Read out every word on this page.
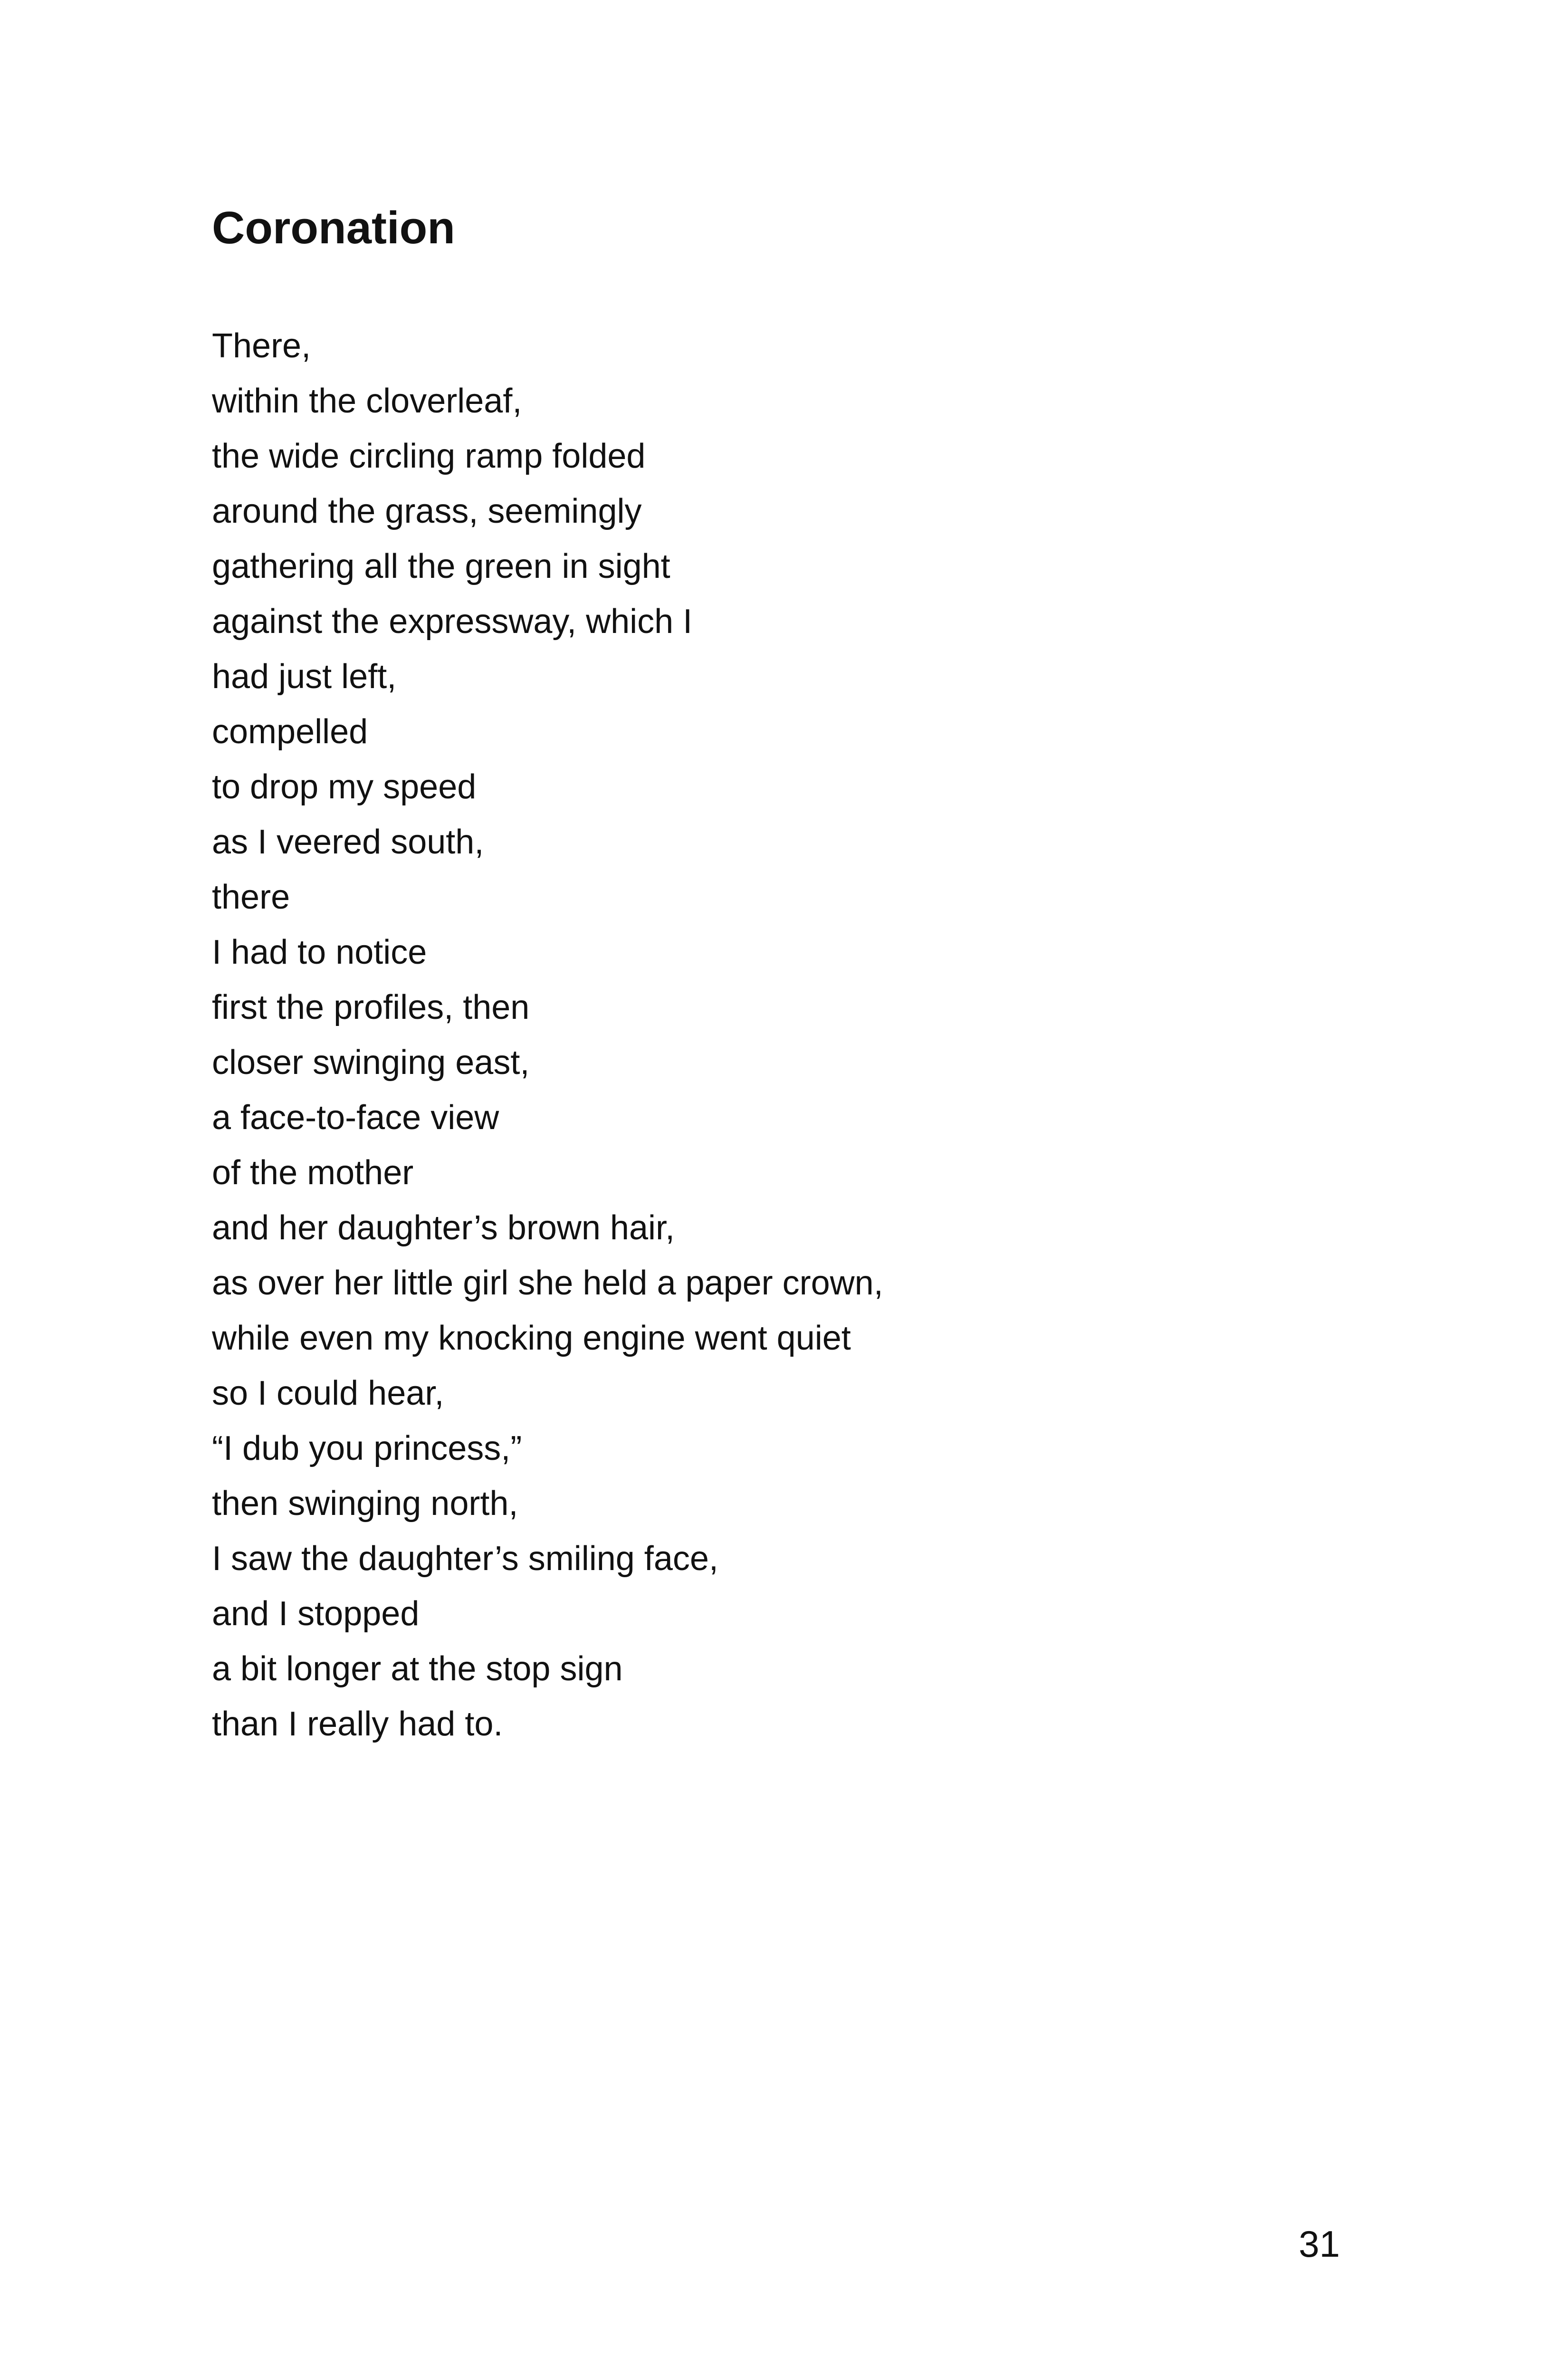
Coronation
There,
within the cloverleaf,
the wide circling ramp folded
around the grass, seemingly
gathering all the green in sight
against the expressway, which I
had just left,
compelled
to drop my speed
as I veered south,
there
I had to notice
first the profiles, then
closer swinging east,
a face-to-face view
of the mother
and her daughter’s brown hair,
as over her little girl she held a paper crown,
while even my knocking engine went quiet
so I could hear,
“I dub you princess,”
then swinging north,
I saw the daughter’s smiling face,
and I stopped
a bit longer at the stop sign
than I really had to.
31
